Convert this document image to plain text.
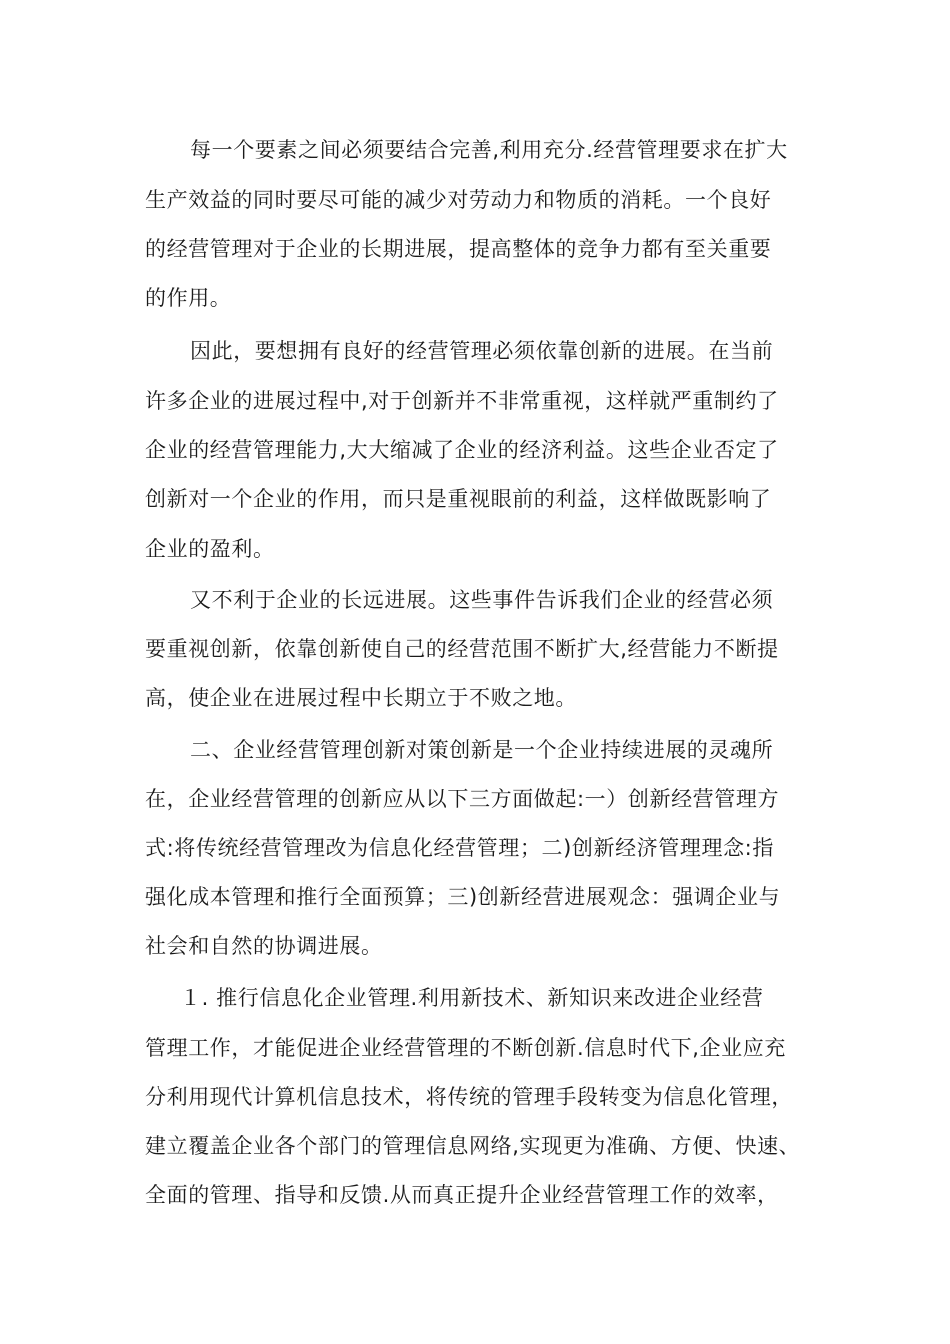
每一个要素之间必须要结合完善,利用充分.经营管理要求在扩大
生产效益的同时要尽可能的减少对劳动力和物质的消耗。一个良好
的经营管理对于企业的长期进展，提高整体的竞争力都有至关重要
的作用。
因此，要想拥有良好的经营管理必须依靠创新的进展。在当前
许多企业的进展过程中,对于创新并不非常重视，这样就严重制约了
企业的经营管理能力,大大缩减了企业的经济利益。这些企业否定了
创新对一个企业的作用，而只是重视眼前的利益，这样做既影响了
企业的盈利。
又不利于企业的长远进展。这些事件告诉我们企业的经营必须
要重视创新，依靠创新使自己的经营范围不断扩大,经营能力不断提
高，使企业在进展过程中长期立于不败之地。
二、企业经营管理创新对策创新是一个企业持续进展的灵魂所
在，企业经营管理的创新应从以下三方面做起:一）创新经营管理方
式:将传统经营管理改为信息化经营管理；二)创新经济管理理念:指
强化成本管理和推行全面预算；三)创新经营进展观念：强调企业与
社会和自然的协调进展。
１. 推行信息化企业管理.利用新技术、新知识来改进企业经营
管理工作，才能促进企业经营管理的不断创新.信息时代下,企业应充
分利用现代计算机信息技术，将传统的管理手段转变为信息化管理，
建立覆盖企业各个部门的管理信息网络,实现更为准确、方便、快速、
全面的管理、指导和反馈.从而真正提升企业经营管理工作的效率，
